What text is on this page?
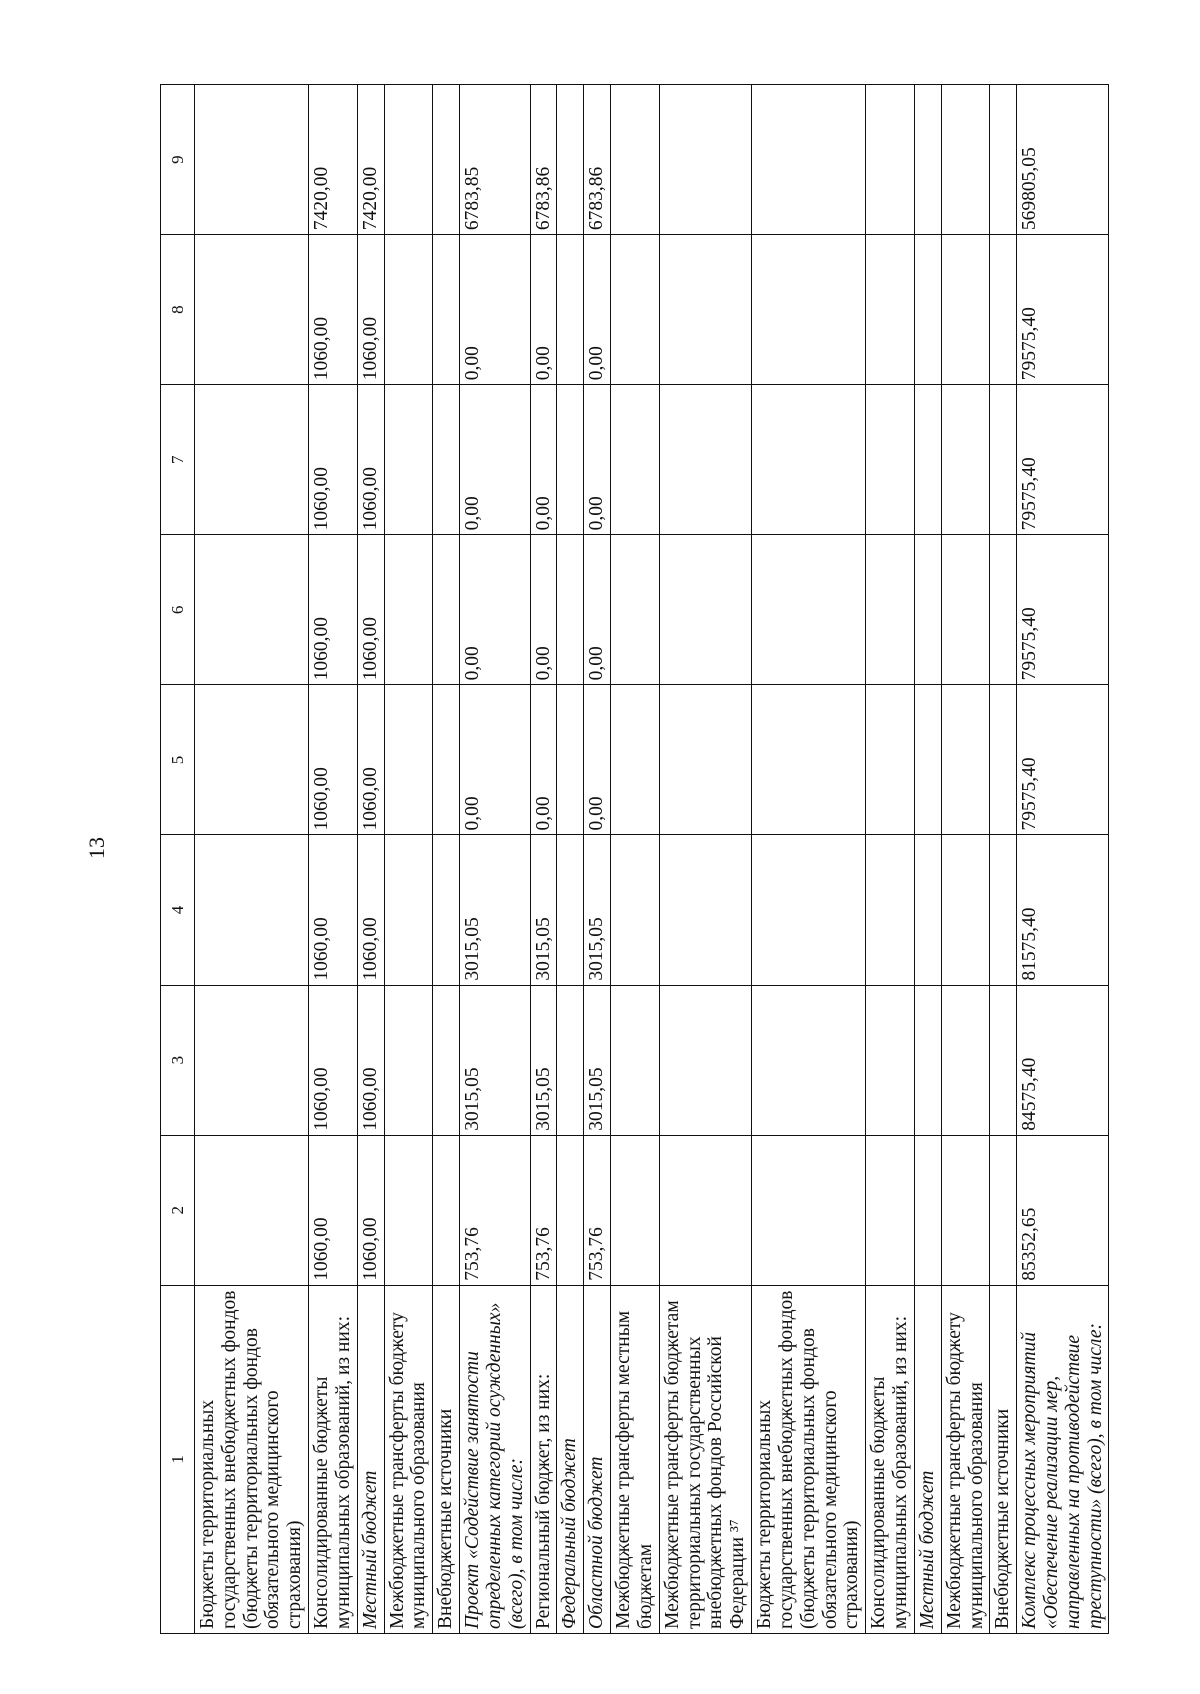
13
1	2	3	4	5	6	7	8	9
Бюджеты территориальных государственных внебюджетных фондов (бюджеты территориальных фондов обязательного медицинского страхования)								
Консолидированные бюджеты муниципальных образований, из них:	1060,00	1060,00	1060,00	1060,00	1060,00	1060,00	1060,00	7420,00
Местный бюджет	1060,00	1060,00	1060,00	1060,00	1060,00	1060,00	1060,00	7420,00
Межбюджетные трансферты бюджету муниципального образования								
Внебюджетные источники								
Проект «Содействие занятости определенных категорий осужденных» (всего), в том числе:	753,76	3015,05	3015,05	0,00	0,00	0,00	0,00	6783,85
Региональный бюджет, из них:	753,76	3015,05	3015,05	0,00	0,00	0,00	0,00	6783,86
Федеральный бюджет								
Областной бюджет	753,76	3015,05	3015,05	0,00	0,00	0,00	0,00	6783,86
Межбюджетные трансферты местным бюджетам								
Межбюджетные трансферты бюджетам территориальных государственных внебюджетных фондов Российской Федерации ³⁷								
Бюджеты территориальных государственных внебюджетных фондов (бюджеты территориальных фондов обязательного медицинского страхования)								
Консолидированные бюджеты муниципальных образований, из них:								
Местный бюджет								
Межбюджетные трансферты бюджету муниципального образования								
Внебюджетные источники								
Комплекс процессных мероприятий «Обеспечение реализации мер, направленных на противодействие преступности» (всего), в том числе:	85352,65	84575,40	81575,40	79575,40	79575,40	79575,40	79575,40	569805,05
